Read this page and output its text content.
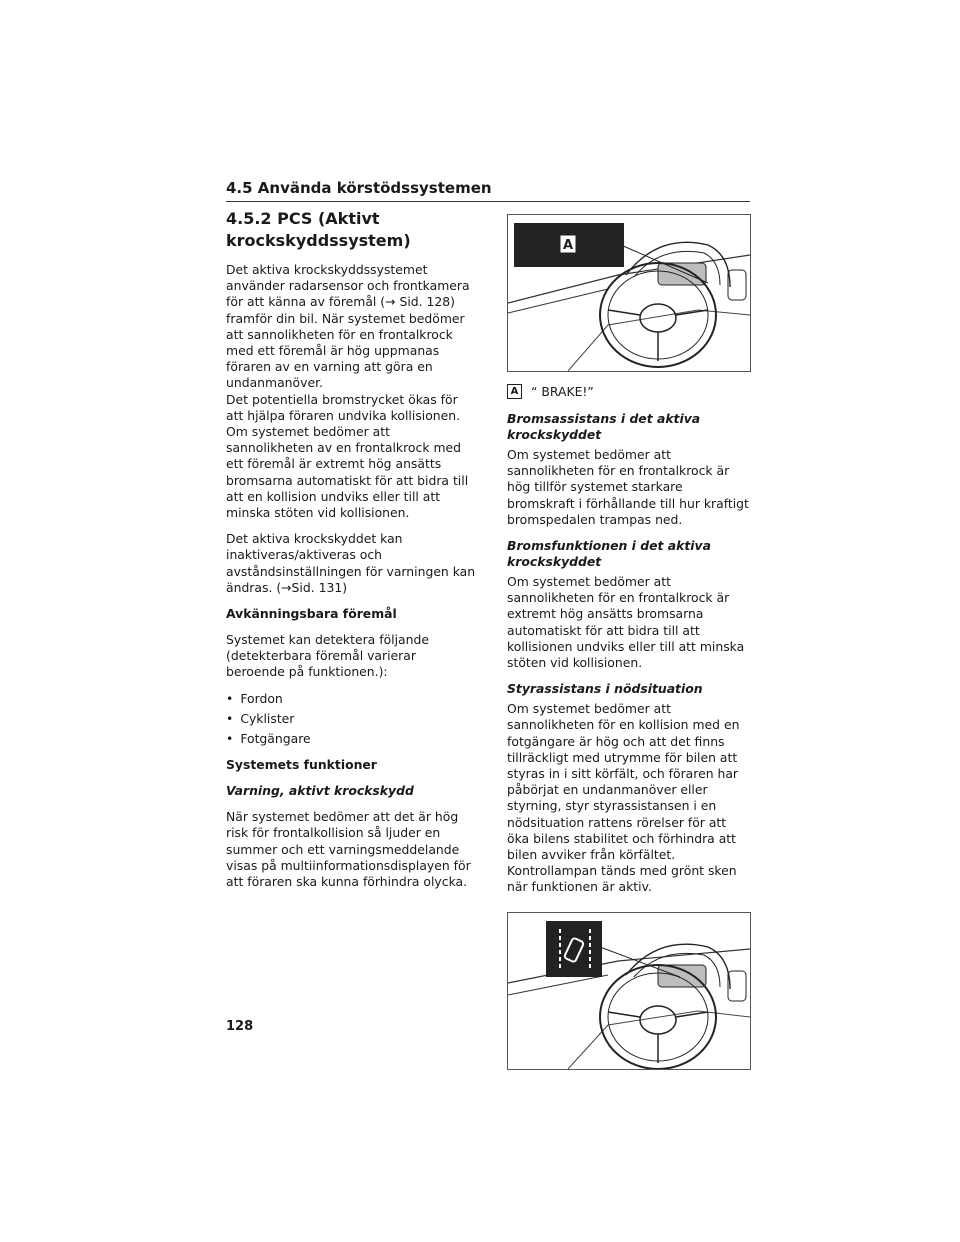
4.5 Använda körstödssystemen
4.5.2 PCS (Aktivt
krockskyddssystem)

Det aktiva krockskyddssystemet använder radarsensor och frontkamera för att känna av föremål (→ Sid. 128) framför din bil. När systemet bedömer att sannolikheten för en frontalkrock med ett föremål är hög uppmanas föraren av en varning att göra en undanmanöver.

Det potentiella bromstrycket ökas för att hjälpa föraren undvika kollisionen. Om systemet bedömer att sannolikheten av en frontalkrock med ett föremål är extremt hög ansätts bromsarna automatiskt för att bidra till att en kollision undviks eller till att minska stöten vid kollisionen.

Det aktiva krockskyddet kan inaktiveras/aktiveras och avståndsinställningen för varningen kan ändras. (→Sid. 131)

Avkänningsbara föremål

Systemet kan detektera följande (detekterbara föremål varierar beroende på funktionen.):

• Fordon
• Cyklister
• Fotgängare
Systemets funktioner
Varning, aktivt krockskydd

När systemet bedömer att det är hög risk för frontalkollision så ljuder en summer och ett varningsmeddelande visas på multiinformationsdisplayen för att föraren ska kunna förhindra olycka.

A
A “ BRAKE!”
Bromsassistans i det aktiva
krockskyddet

Om systemet bedömer att sannolikheten för en frontalkrock är hög tillför systemet starkare bromskraft i förhållande till hur kraftigt bromspedalen trampas ned.

Bromsfunktionen i det aktiva
krockskyddet

Om systemet bedömer att sannolikheten för en frontalkrock är extremt hög ansätts bromsarna automatiskt för att bidra till att kollisionen undviks eller till att minska stöten vid kollisionen.

Styrassistans i nödsituation

Om systemet bedömer att sannolikheten för en kollision med en fotgängare är hög och att det finns tillräckligt med utrymme för bilen att styras in i sitt körfält, och föraren har påbörjat en undanmanöver eller styrning, styr styrassistansen i en nödsituation rattens rörelser för att öka bilens stabilitet och förhindra att bilen avviker från körfältet. Kontrollampan tänds med grönt sken när funktionen är aktiv.

128
